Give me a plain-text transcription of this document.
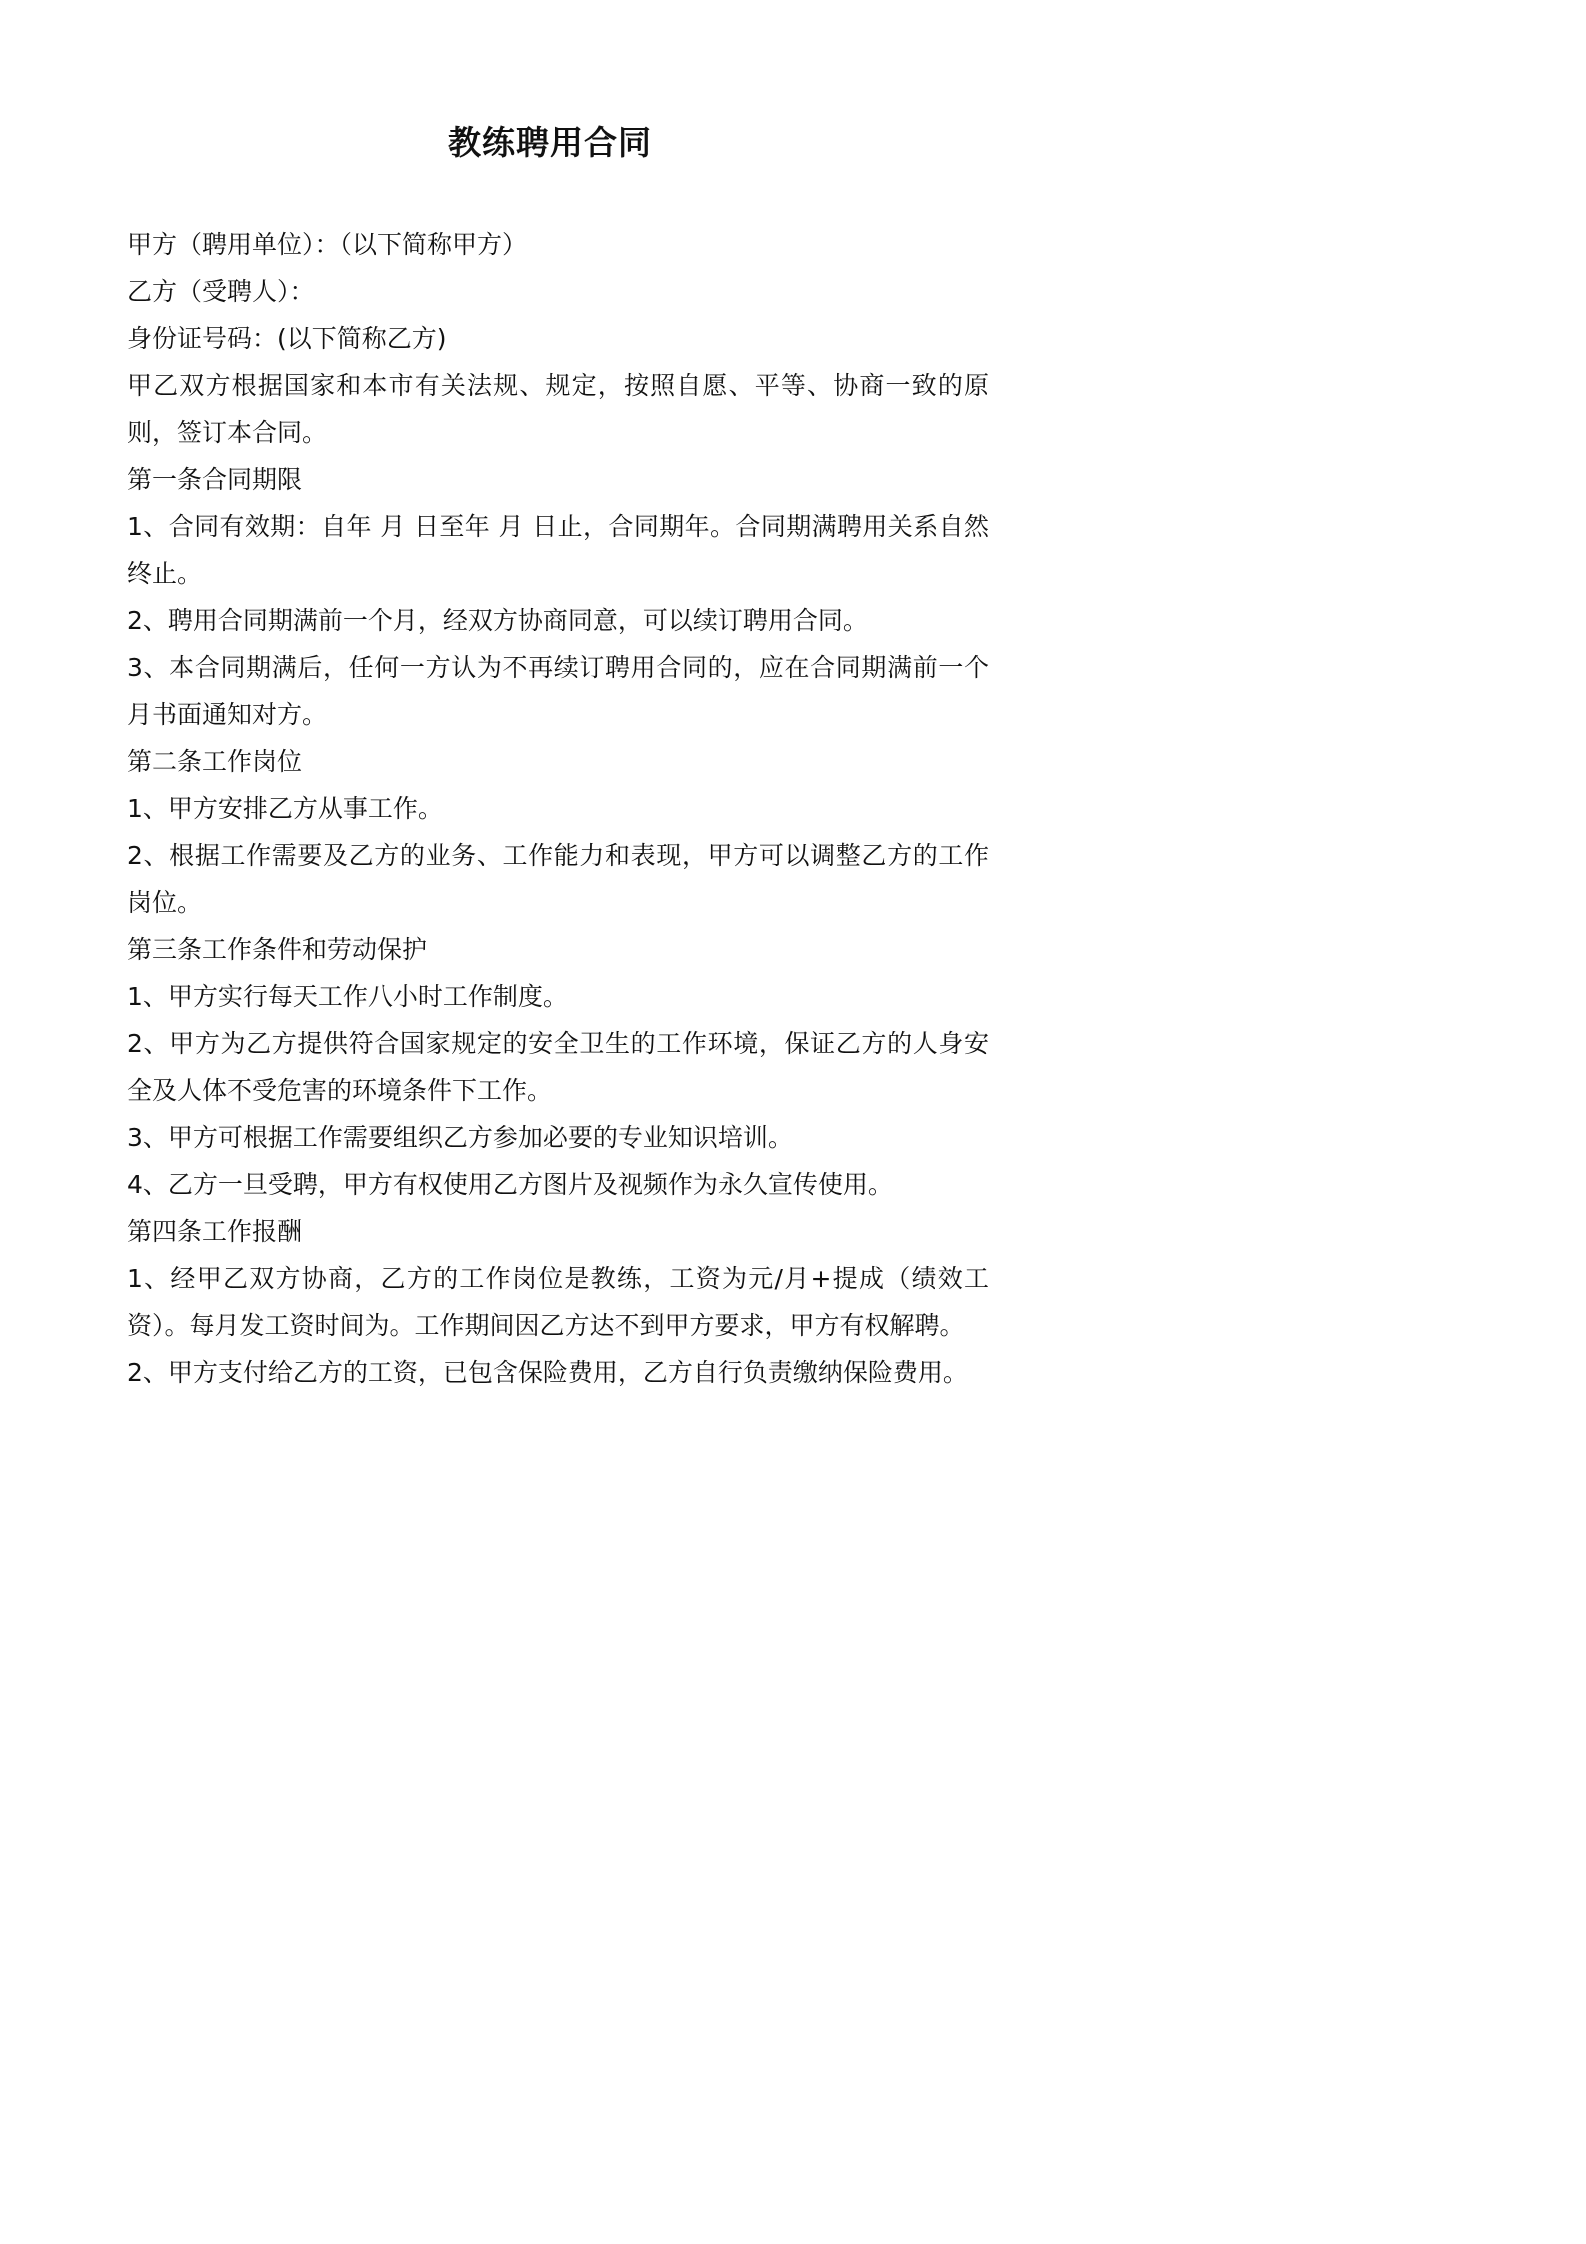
教练聘用合同

甲方（聘用单位）：（以下简称甲方）

乙方（受聘人）：

身份证号码：(以下简称乙方)

甲乙双方根据国家和本市有关法规、规定，按照自愿、平等、协商一致的原则，签订本合同。

第一条合同期限

1、合同有效期：自年 月 日至年 月 日止，合同期年。合同期满聘用关系自然终止。

2、聘用合同期满前一个月，经双方协商同意，可以续订聘用合同。

3、本合同期满后，任何一方认为不再续订聘用合同的，应在合同期满前一个月书面通知对方。

第二条工作岗位

1、甲方安排乙方从事工作。

2、根据工作需要及乙方的业务、工作能力和表现，甲方可以调整乙方的工作岗位。

第三条工作条件和劳动保护

1、甲方实行每天工作八小时工作制度。

2、甲方为乙方提供符合国家规定的安全卫生的工作环境，保证乙方的人身安全及人体不受危害的环境条件下工作。

3、甲方可根据工作需要组织乙方参加必要的专业知识培训。

4、乙方一旦受聘，甲方有权使用乙方图片及视频作为永久宣传使用。

第四条工作报酬

1、经甲乙双方协商，乙方的工作岗位是教练，工资为元/月+提成（绩效工资）。每月发工资时间为。工作期间因乙方达不到甲方要求，甲方有权解聘。

2、甲方支付给乙方的工资，已包含保险费用，乙方自行负责缴纳保险费用。
